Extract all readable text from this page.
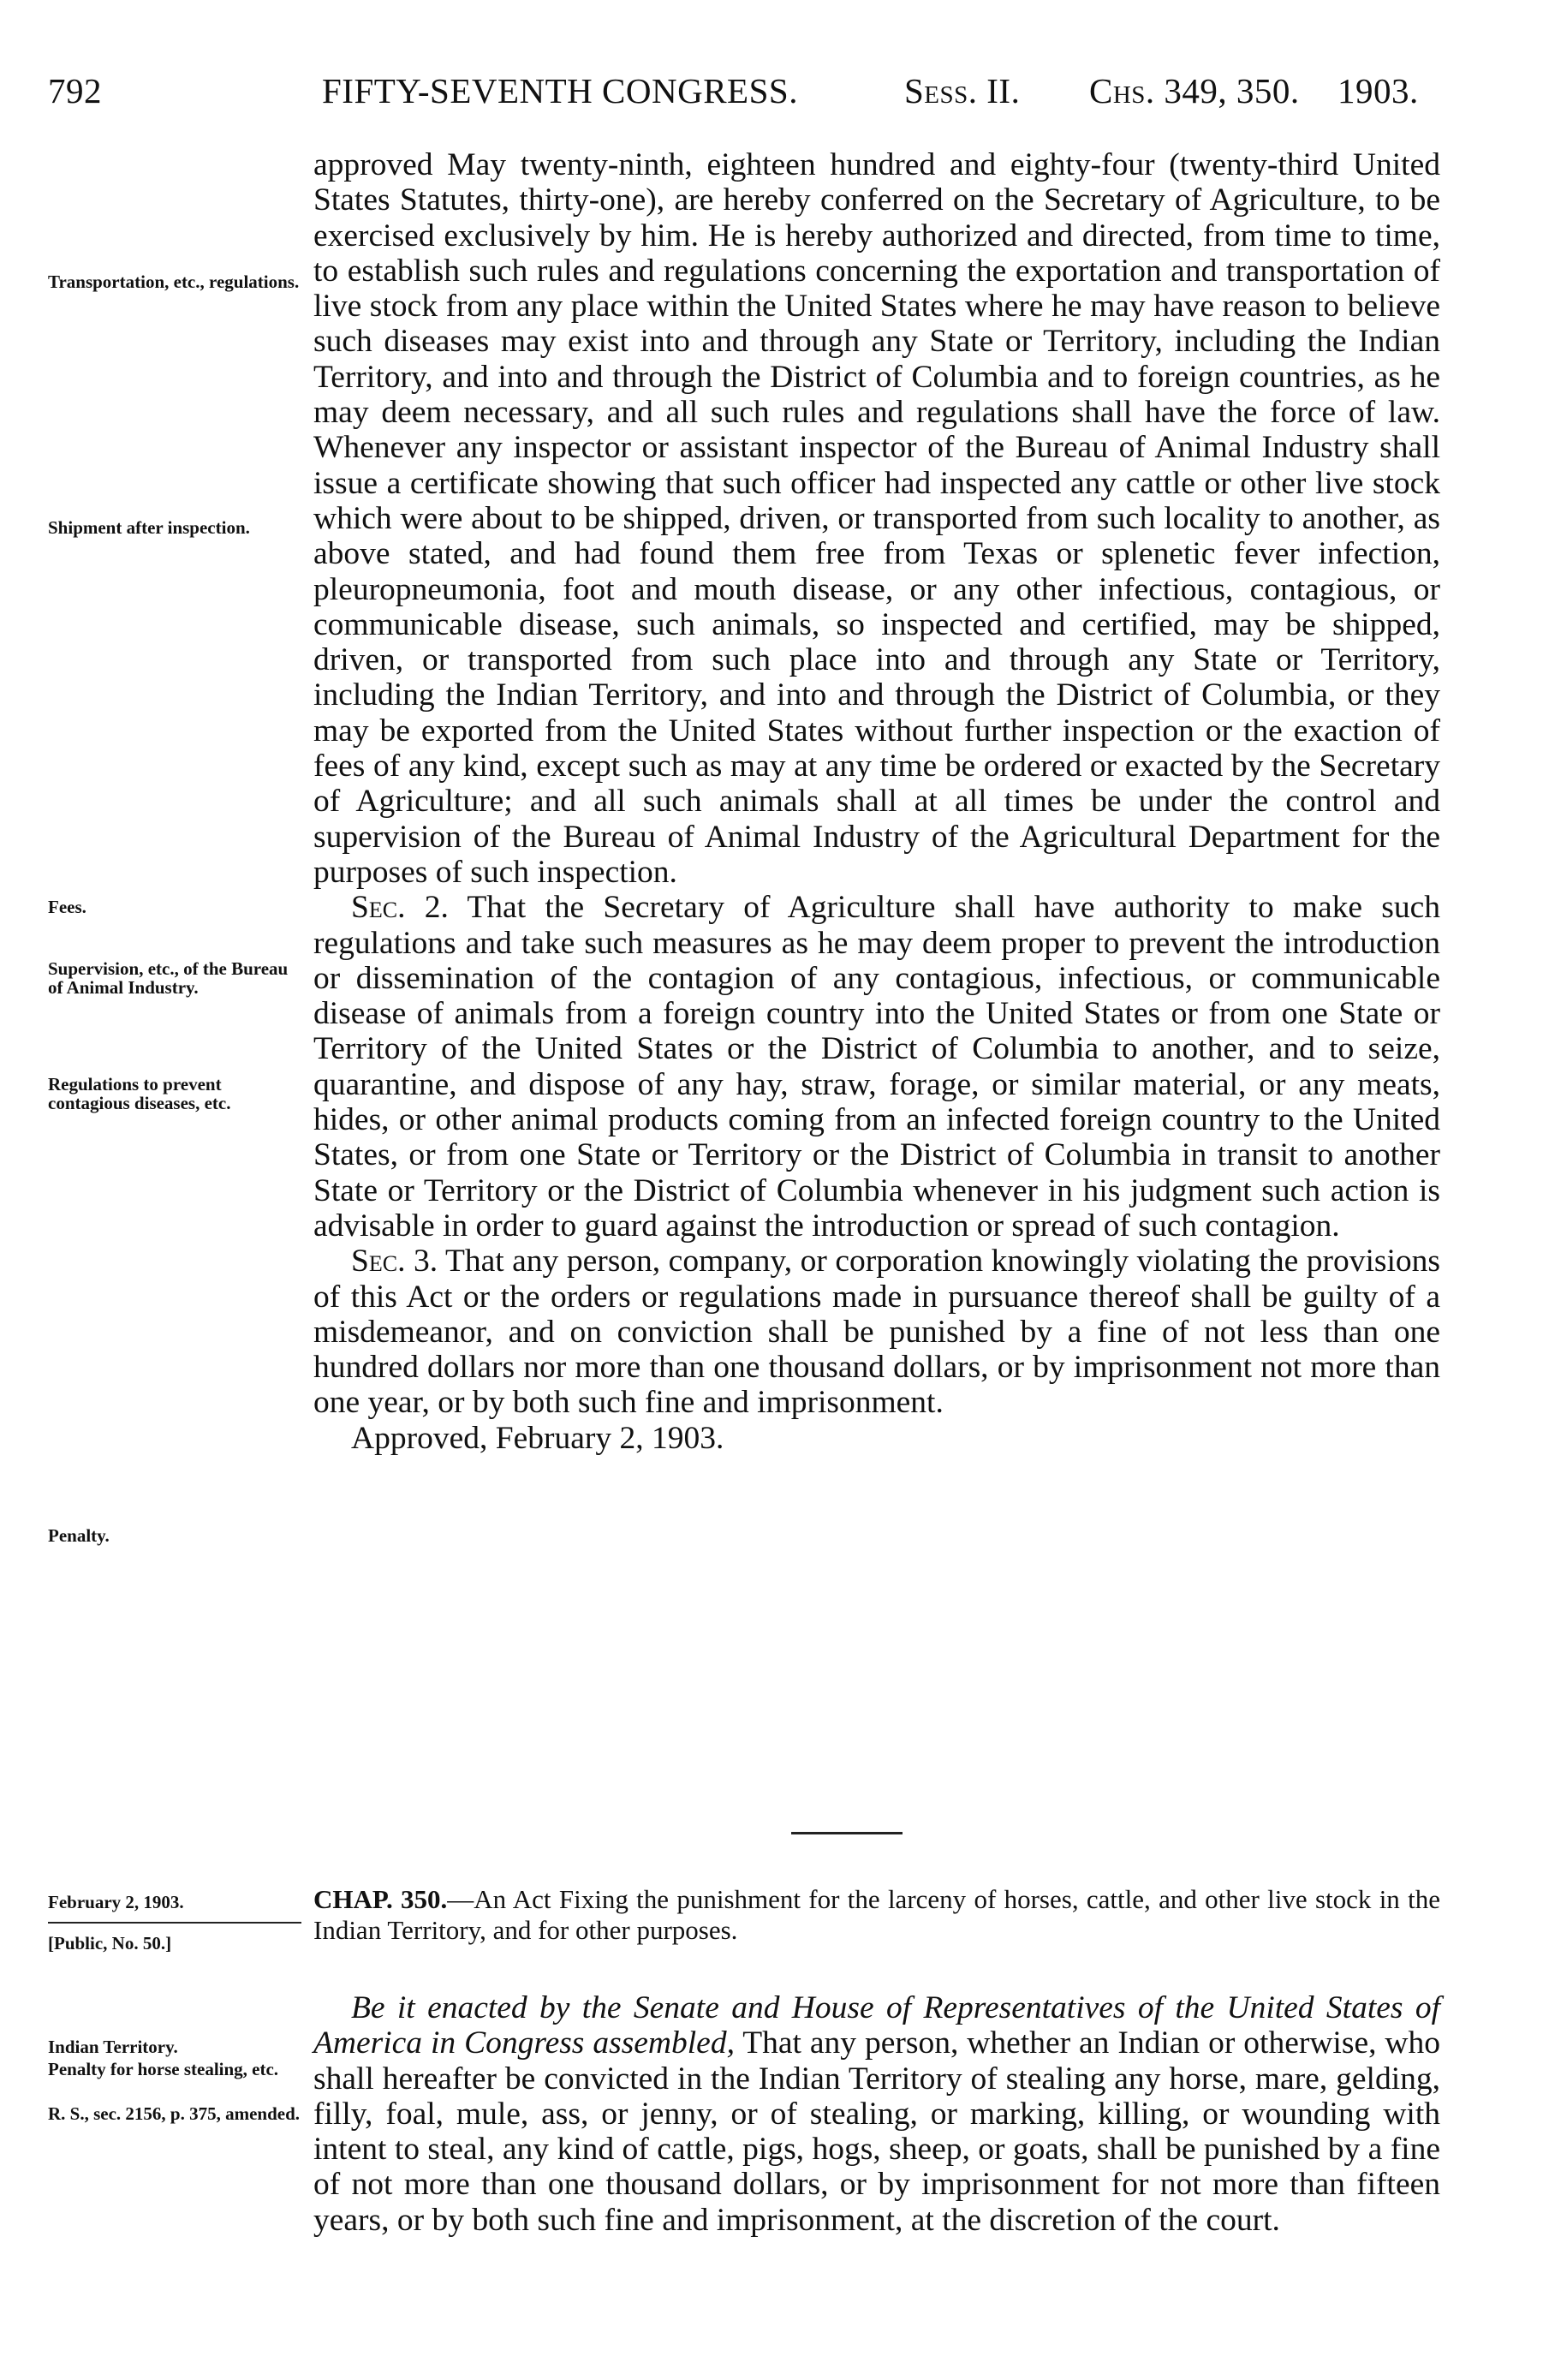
792	FIFTY-SEVENTH CONGRESS.	Sess. II. Chs. 349, 350. 1903.

approved May twenty-ninth, eighteen hundred and eighty-four (twenty-third United States Statutes, thirty-one), are hereby conferred on the Secretary of Agriculture, to be exercised exclusively by him. He is hereby authorized and directed, from time to time, to establish such rules and regulations concerning the exportation and transportation of live stock from any place within the United States where he may have reason to believe such diseases may exist into and through any State or Territory, including the Indian Territory, and into and through the District of Columbia and to foreign countries, as he may deem necessary, and all such rules and regulations shall have the force of law. Whenever any inspector or assistant inspector of the Bureau of Animal Industry shall issue a certificate showing that such officer had inspected any cattle or other live stock which were about to be shipped, driven, or transported from such locality to another, as above stated, and had found them free from Texas or splenetic fever infection, pleuropneumonia, foot and mouth disease, or any other infectious, contagious, or communicable disease, such animals, so inspected and certified, may be shipped, driven, or transported from such place into and through any State or Territory, including the Indian Territory, and into and through the District of Columbia, or they may be exported from the United States without further inspection or the exaction of fees of any kind, except such as may at any time be ordered or exacted by the Secretary of Agriculture; and all such animals shall at all times be under the control and supervision of the Bureau of Animal Industry of the Agricultural Department for the purposes of such inspection.

Sec. 2. That the Secretary of Agriculture shall have authority to make such regulations and take such measures as he may deem proper to prevent the introduction or dissemination of the contagion of any contagious, infectious, or communicable disease of animals from a foreign country into the United States or from one State or Territory of the United States or the District of Columbia to another, and to seize, quarantine, and dispose of any hay, straw, forage, or similar material, or any meats, hides, or other animal products coming from an infected foreign country to the United States, or from one State or Territory or the District of Columbia in transit to another State or Territory or the District of Columbia whenever in his judgment such action is advisable in order to guard against the introduction or spread of such contagion.

Sec. 3. That any person, company, or corporation knowingly violating the provisions of this Act or the orders or regulations made in pursuance thereof shall be guilty of a misdemeanor, and on conviction shall be punished by a fine of not less than one hundred dollars nor more than one thousand dollars, or by imprisonment not more than one year, or by both such fine and imprisonment.

Approved, February 2, 1903.

Transportation, etc., regulations.
Shipment after inspection.
Fees.
Supervision, etc., of the Bureau of Animal Industry.
Regulations to prevent contagious diseases, etc.
Penalty.
February 2, 1903.
[Public, No. 50.]
CHAP. 350.—An Act Fixing the punishment for the larceny of horses, cattle, and other live stock in the Indian Territory, and for other purposes.

Be it enacted by the Senate and House of Representatives of the United States of America in Congress assembled, That any person, whether an Indian or otherwise, who shall hereafter be convicted in the Indian Territory of stealing any horse, mare, gelding, filly, foal, mule, ass, or jenny, or of stealing, or marking, killing, or wounding with intent to steal, any kind of cattle, pigs, hogs, sheep, or goats, shall be punished by a fine of not more than one thousand dollars, or by imprisonment for not more than fifteen years, or by both such fine and imprisonment, at the discretion of the court.

Indian Territory.
Penalty for horse stealing, etc.
R. S., sec. 2156, p. 375, amended.
